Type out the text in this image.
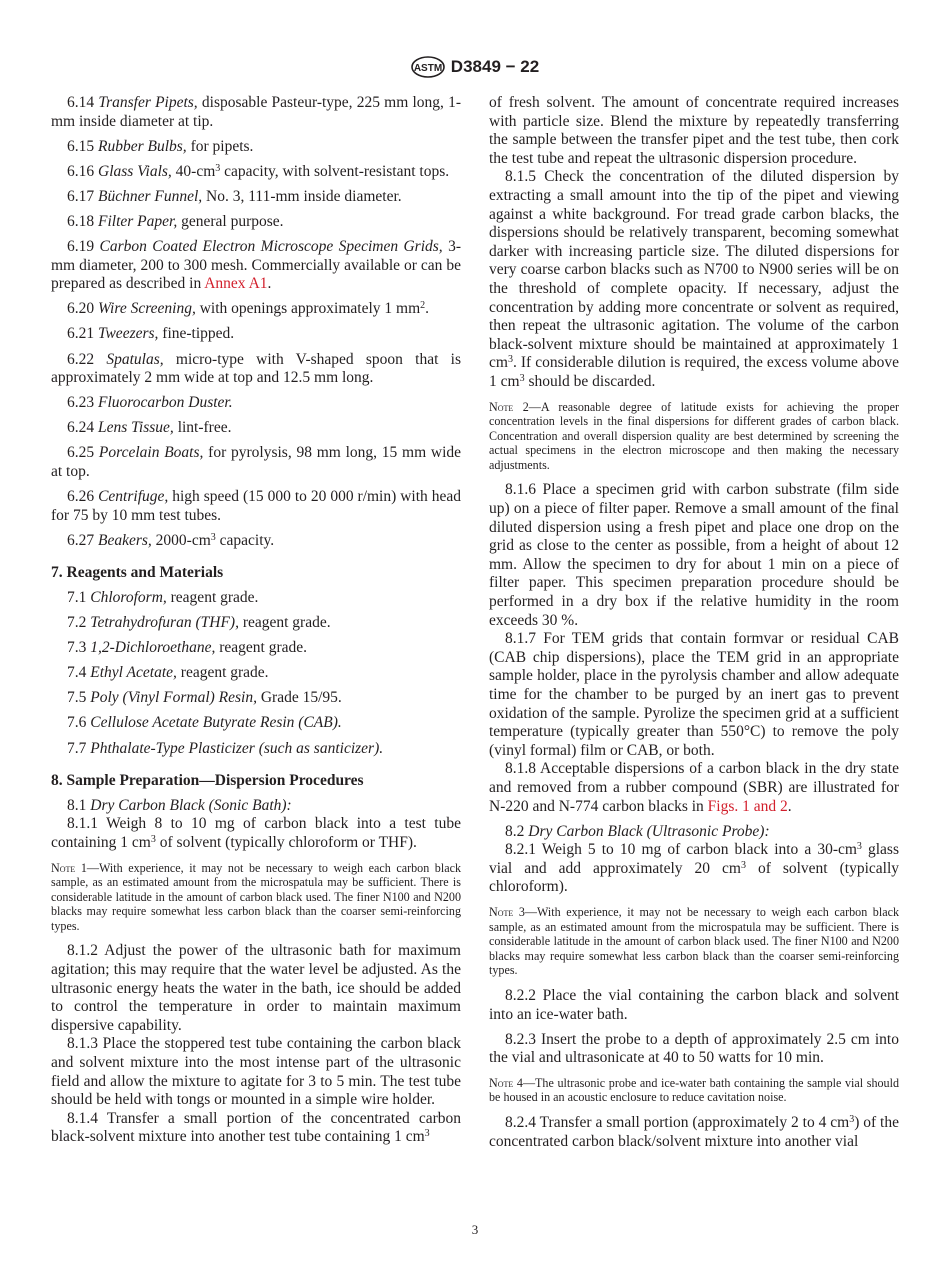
ASTM D3849 − 22

6.14 Transfer Pipets, disposable Pasteur-type, 225 mm long, 1-mm inside diameter at tip.

6.15 Rubber Bulbs, for pipets.

6.16 Glass Vials, $40-cm^3$ capacity, with solvent-resistant tops.

6.17 Büchner Funnel, No. 3, 111-mm inside diameter.

6.18 Filter Paper, general purpose.

6.19 Carbon Coated Electron Microscope Specimen Grids, 3-mm diameter, 200 to 300 mesh. Commercially available or can be prepared as described in Annex A1.

6.20 Wire Screening, with openings approximately 1 $mm^2$.

6.21 Tweezers, fine-tipped.

6.22 Spatulas, micro-type with V-shaped spoon that is approximately 2 mm wide at top and 12.5 mm long.

6.23 Fluorocarbon Duster.

6.24 Lens Tissue, lint-free.

6.25 Porcelain Boats, for pyrolysis, 98 mm long, 15 mm wide at top.

6.26 Centrifuge, high speed (15 000 to 20 000 r/min) with head for 75 by 10 mm test tubes.

6.27 Beakers, $2000-cm^3$ capacity.

7. Reagents and Materials

7.1 Chloroform, reagent grade.

7.2 Tetrahydrofuran (THF), reagent grade.

7.3 1,2-Dichloroethane, reagent grade.

7.4 Ethyl Acetate, reagent grade.

7.5 Poly (Vinyl Formal) Resin, Grade 15/95.

7.6 Cellulose Acetate Butyrate Resin (CAB).

7.7 Phthalate-Type Plasticizer (such as santicizer).

8. Sample Preparation—Dispersion Procedures

8.1 Dry Carbon Black (Sonic Bath):

8.1.1 Weigh 8 to 10 mg of carbon black into a test tube containing 1 $cm^3$ of solvent (typically chloroform or THF).

Note 1—With experience, it may not be necessary to weigh each carbon black sample, as an estimated amount from the microspatula may be sufficient. There is considerable latitude in the amount of carbon black used. The finer N100 and N200 blacks may require somewhat less carbon black than the coarser semi-reinforcing types.

8.1.2 Adjust the power of the ultrasonic bath for maximum agitation; this may require that the water level be adjusted. As the ultrasonic energy heats the water in the bath, ice should be added to control the temperature in order to maintain maximum dispersive capability.

8.1.3 Place the stoppered test tube containing the carbon black and solvent mixture into the most intense part of the ultrasonic field and allow the mixture to agitate for 3 to 5 min. The test tube should be held with tongs or mounted in a simple wire holder.

8.1.4 Transfer a small portion of the concentrated carbon black-solvent mixture into another test tube containing 1 $cm^3$

of fresh solvent. The amount of concentrate required increases with particle size. Blend the mixture by repeatedly transferring the sample between the transfer pipet and the test tube, then cork the test tube and repeat the ultrasonic dispersion procedure.

8.1.5 Check the concentration of the diluted dispersion by extracting a small amount into the tip of the pipet and viewing against a white background. For tread grade carbon blacks, the dispersions should be relatively transparent, becoming somewhat darker with increasing particle size. The diluted dispersions for very coarse carbon blacks such as N700 to N900 series will be on the threshold of complete opacity. If necessary, adjust the concentration by adding more concentrate or solvent as required, then repeat the ultrasonic agitation. The volume of the carbon black-solvent mixture should be maintained at approximately 1 $cm^3$. If considerable dilution is required, the excess volume above 1 $cm^3$ should be discarded.

Note 2—A reasonable degree of latitude exists for achieving the proper concentration levels in the final dispersions for different grades of carbon black. Concentration and overall dispersion quality are best determined by screening the actual specimens in the electron microscope and then making the necessary adjustments.

8.1.6 Place a specimen grid with carbon substrate (film side up) on a piece of filter paper. Remove a small amount of the final diluted dispersion using a fresh pipet and place one drop on the grid as close to the center as possible, from a height of about 12 mm. Allow the specimen to dry for about 1 min on a piece of filter paper. This specimen preparation procedure should be performed in a dry box if the relative humidity in the room exceeds 30 %.

8.1.7 For TEM grids that contain formvar or residual CAB (CAB chip dispersions), place the TEM grid in an appropriate sample holder, place in the pyrolysis chamber and allow adequate time for the chamber to be purged by an inert gas to prevent oxidation of the sample. Pyrolize the specimen grid at a sufficient temperature (typically greater than 550°C) to remove the poly (vinyl formal) film or CAB, or both.

8.1.8 Acceptable dispersions of a carbon black in the dry state and removed from a rubber compound (SBR) are illustrated for N-220 and N-774 carbon blacks in Figs. 1 and 2.

8.2 Dry Carbon Black (Ultrasonic Probe):

8.2.1 Weigh 5 to 10 mg of carbon black into a $30-cm^3$ glass vial and add approximately 20 $cm^3$ of solvent (typically chloroform).

Note 3—With experience, it may not be necessary to weigh each carbon black sample, as an estimated amount from the microspatula may be sufficient. There is considerable latitude in the amount of carbon black used. The finer N100 and N200 blacks may require somewhat less carbon black than the coarser semi-reinforcing types.

8.2.2 Place the vial containing the carbon black and solvent into an ice-water bath.

8.2.3 Insert the probe to a depth of approximately 2.5 cm into the vial and ultrasonicate at 40 to 50 watts for 10 min.

Note 4—The ultrasonic probe and ice-water bath containing the sample vial should be housed in an acoustic enclosure to reduce cavitation noise.

8.2.4 Transfer a small portion (approximately 2 to 4 $cm^3$) of the concentrated carbon black/solvent mixture into another vial

3
